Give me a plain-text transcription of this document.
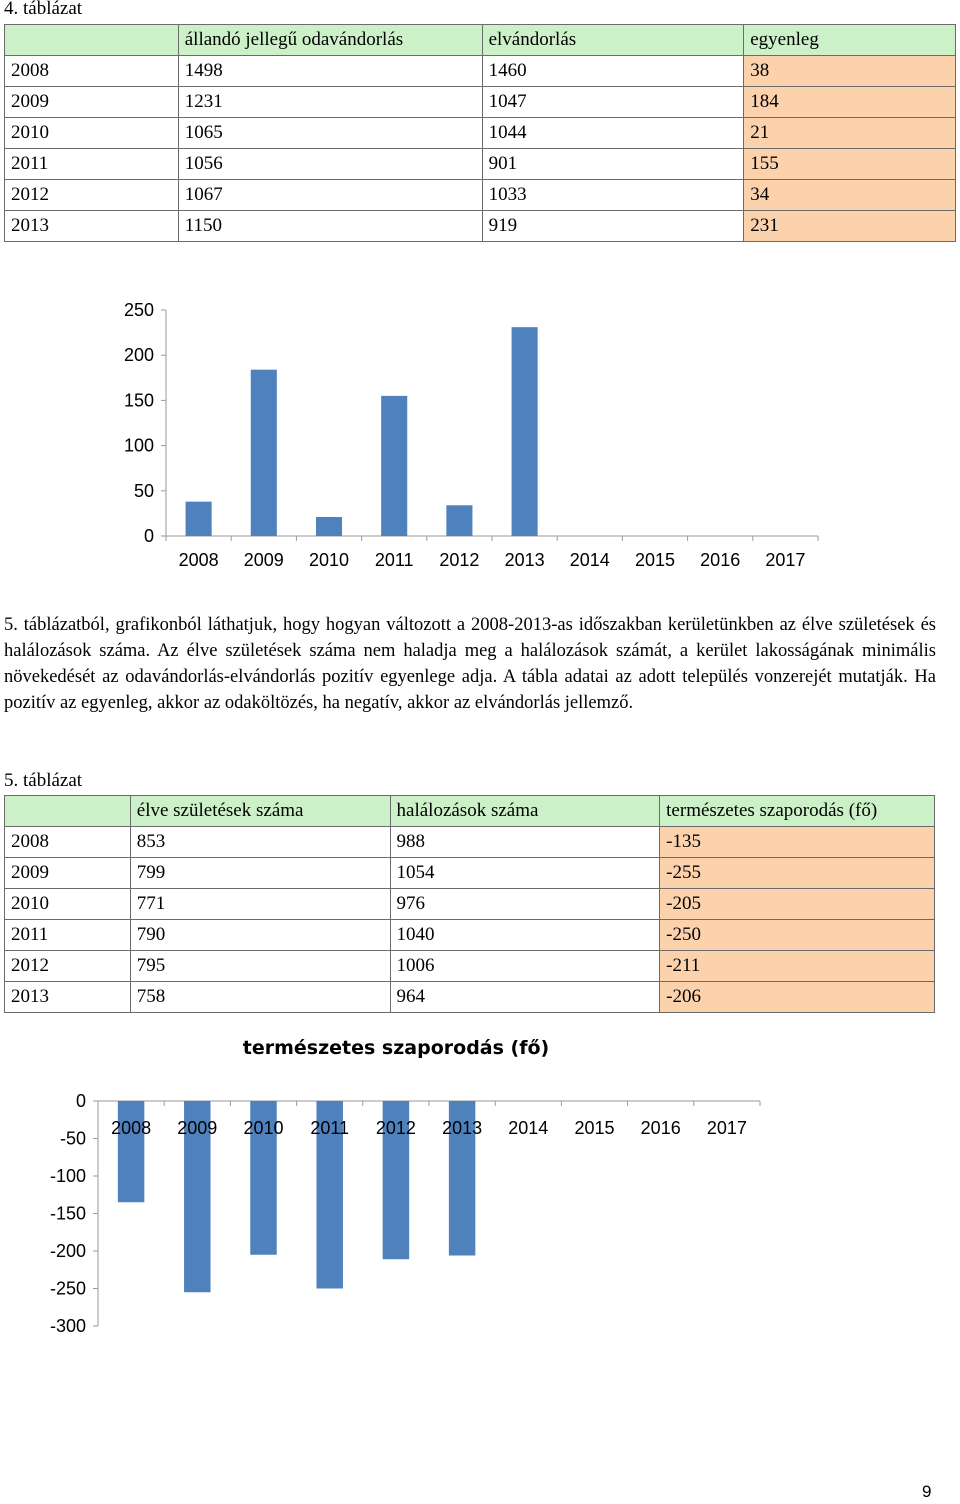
4. táblázat
	állandó jellegű odavándorlás	elvándorlás	egyenleg
2008	1498	1460	38
2009	1231	1047	184
2010	1065	1044	21
2011	1056	901	155
2012	1067	1033	34
2013	1150	919	231
0
50
100
150
200
250
2008 2009 2010 2011 2012 2013 2014 2015 2016 2017
5. táblázatból, grafikonból láthatjuk, hogy hogyan változott a 2008-2013-as időszakban kerületünkben az élve születések és halálozások száma. Az élve születések száma nem haladja meg a halálozások számát, a kerület lakosságának minimális növekedését az odavándorlás-elvándorlás pozitív egyenlege adja. A tábla adatai az adott település vonzerejét mutatják. Ha pozitív az egyenleg, akkor az odaköltözés, ha negatív, akkor az elvándorlás jellemző.
5. táblázat
	élve születések száma	halálozások száma	természetes szaporodás (fő)
2008	853	988	-135
2009	799	1054	-255
2010	771	976	-205
2011	790	1040	-250
2012	795	1006	-211
2013	758	964	-206
természetes szaporodás (fő)
0
-50
-100
-150
-200
-250
-300
2008 2009 2010 2011 2012 2013 2014 2015 2016 2017
9
